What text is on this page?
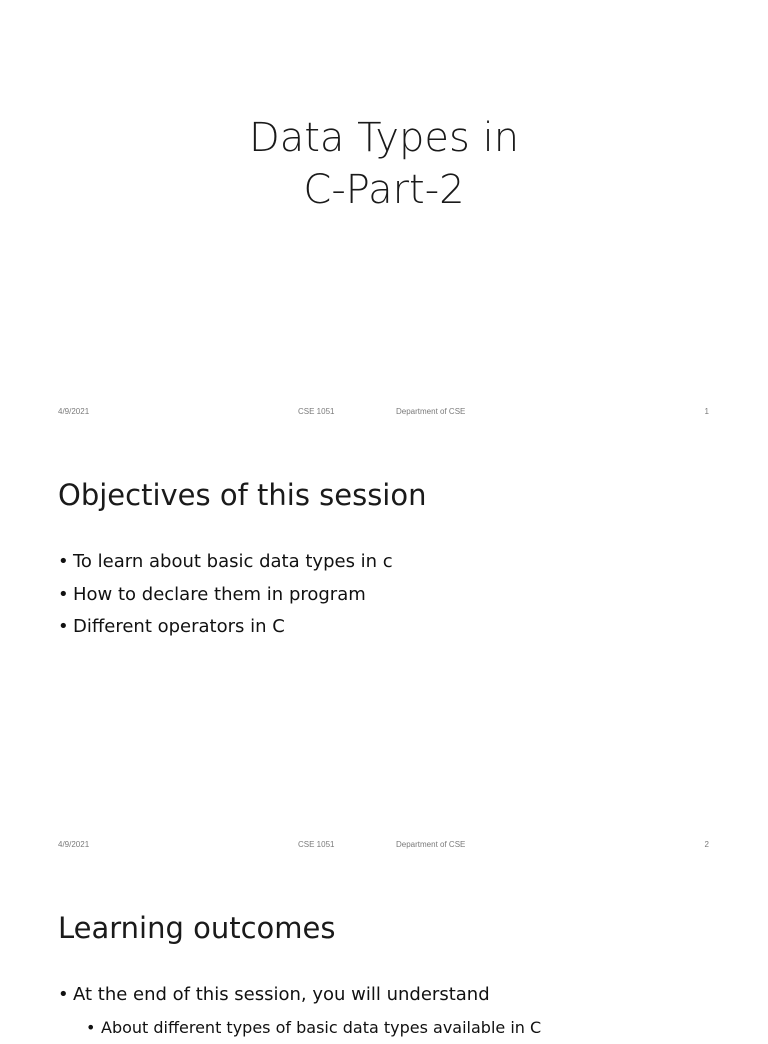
Data Types in
C-Part-2
4/9/2021	CSE 1051	Department of CSE	1
Objectives of this session
• To learn about basic data types in c
• How to declare them in program
• Different operators in C
4/9/2021	CSE 1051	Department of CSE	2
Learning outcomes
• At the end of this session, you will understand
• About different types of basic data types available in C
